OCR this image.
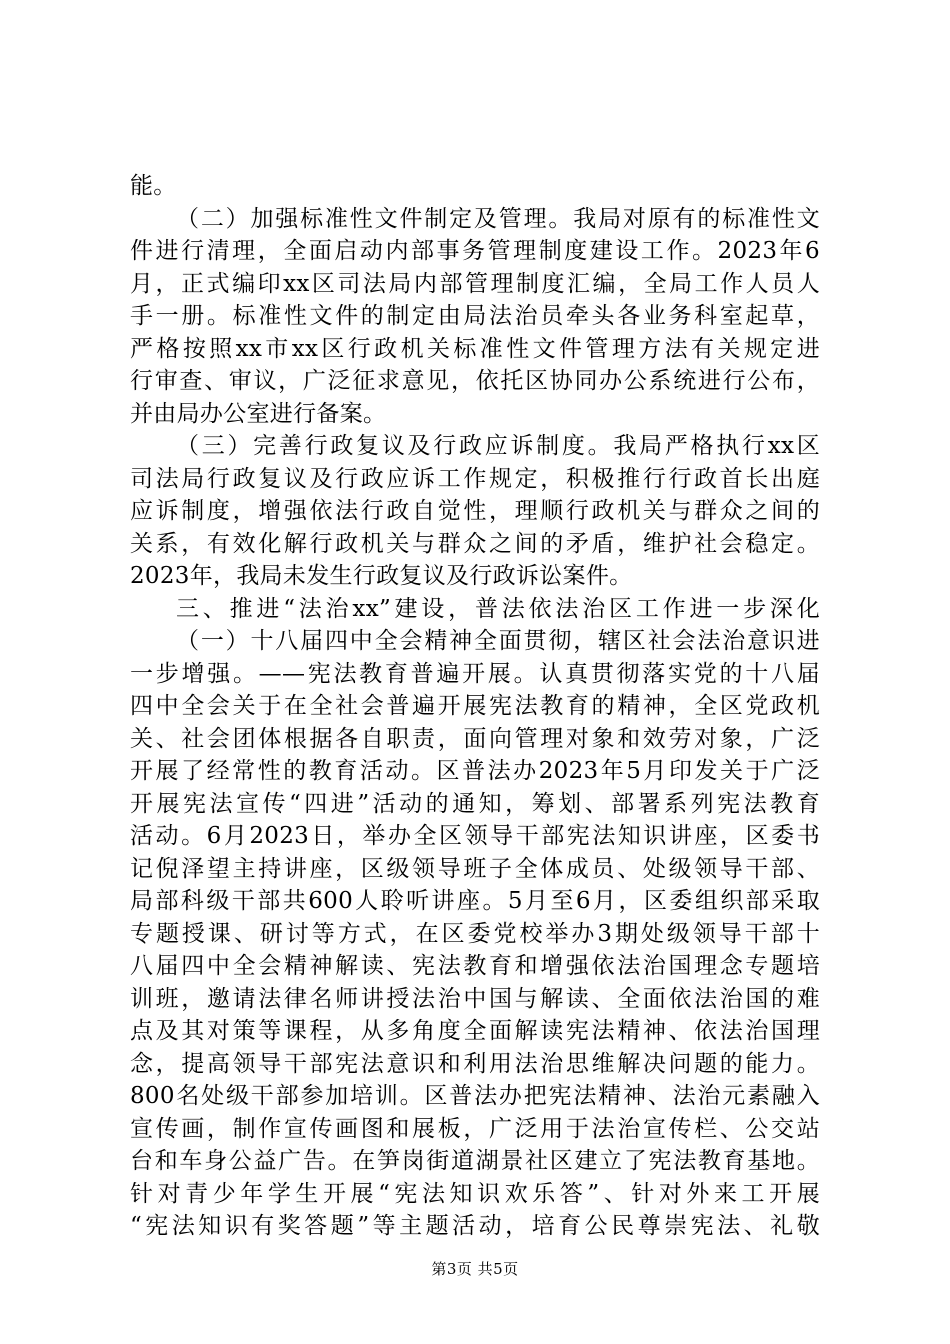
能。
（二）加强标准性文件制定及管理。我局对原有的标准性文
件进行清理，全面启动内部事务管理制度建设工作。2023年6
月，正式编印xx区司法局内部管理制度汇编，全局工作人员人
手一册。标准性文件的制定由局法治员牵头各业务科室起草，
严格按照xx市xx区行政机关标准性文件管理方法有关规定进
行审查、审议，广泛征求意见，依托区协同办公系统进行公布，
并由局办公室进行备案。
（三）完善行政复议及行政应诉制度。我局严格执行xx区
司法局行政复议及行政应诉工作规定，积极推行行政首长出庭
应诉制度，增强依法行政自觉性，理顺行政机关与群众之间的
关系，有效化解行政机关与群众之间的矛盾，维护社会稳定。
2023年，我局未发生行政复议及行政诉讼案件。
三、推进“法治xx”建设，普法依法治区工作进一步深化
（一）十八届四中全会精神全面贯彻，辖区社会法治意识进
一步增强。——宪法教育普遍开展。认真贯彻落实党的十八届
四中全会关于在全社会普遍开展宪法教育的精神，全区党政机
关、社会团体根据各自职责，面向管理对象和效劳对象，广泛
开展了经常性的教育活动。区普法办2023年5月印发关于广泛
开展宪法宣传“四进”活动的通知，筹划、部署系列宪法教育
活动。6月2023日，举办全区领导干部宪法知识讲座，区委书
记倪泽望主持讲座，区级领导班子全体成员、处级领导干部、
局部科级干部共600人聆听讲座。5月至6月，区委组织部采取
专题授课、研讨等方式，在区委党校举办3期处级领导干部十
八届四中全会精神解读、宪法教育和增强依法治国理念专题培
训班，邀请法律名师讲授法治中国与解读、全面依法治国的难
点及其对策等课程，从多角度全面解读宪法精神、依法治国理
念，提高领导干部宪法意识和利用法治思维解决问题的能力。
800名处级干部参加培训。区普法办把宪法精神、法治元素融入
宣传画，制作宣传画图和展板，广泛用于法治宣传栏、公交站
台和车身公益广告。在笋岗街道湖景社区建立了宪法教育基地。
针对青少年学生开展“宪法知识欢乐答”、针对外来工开展
“宪法知识有奖答题”等主题活动，培育公民尊崇宪法、礼敬
第3页 共5页
